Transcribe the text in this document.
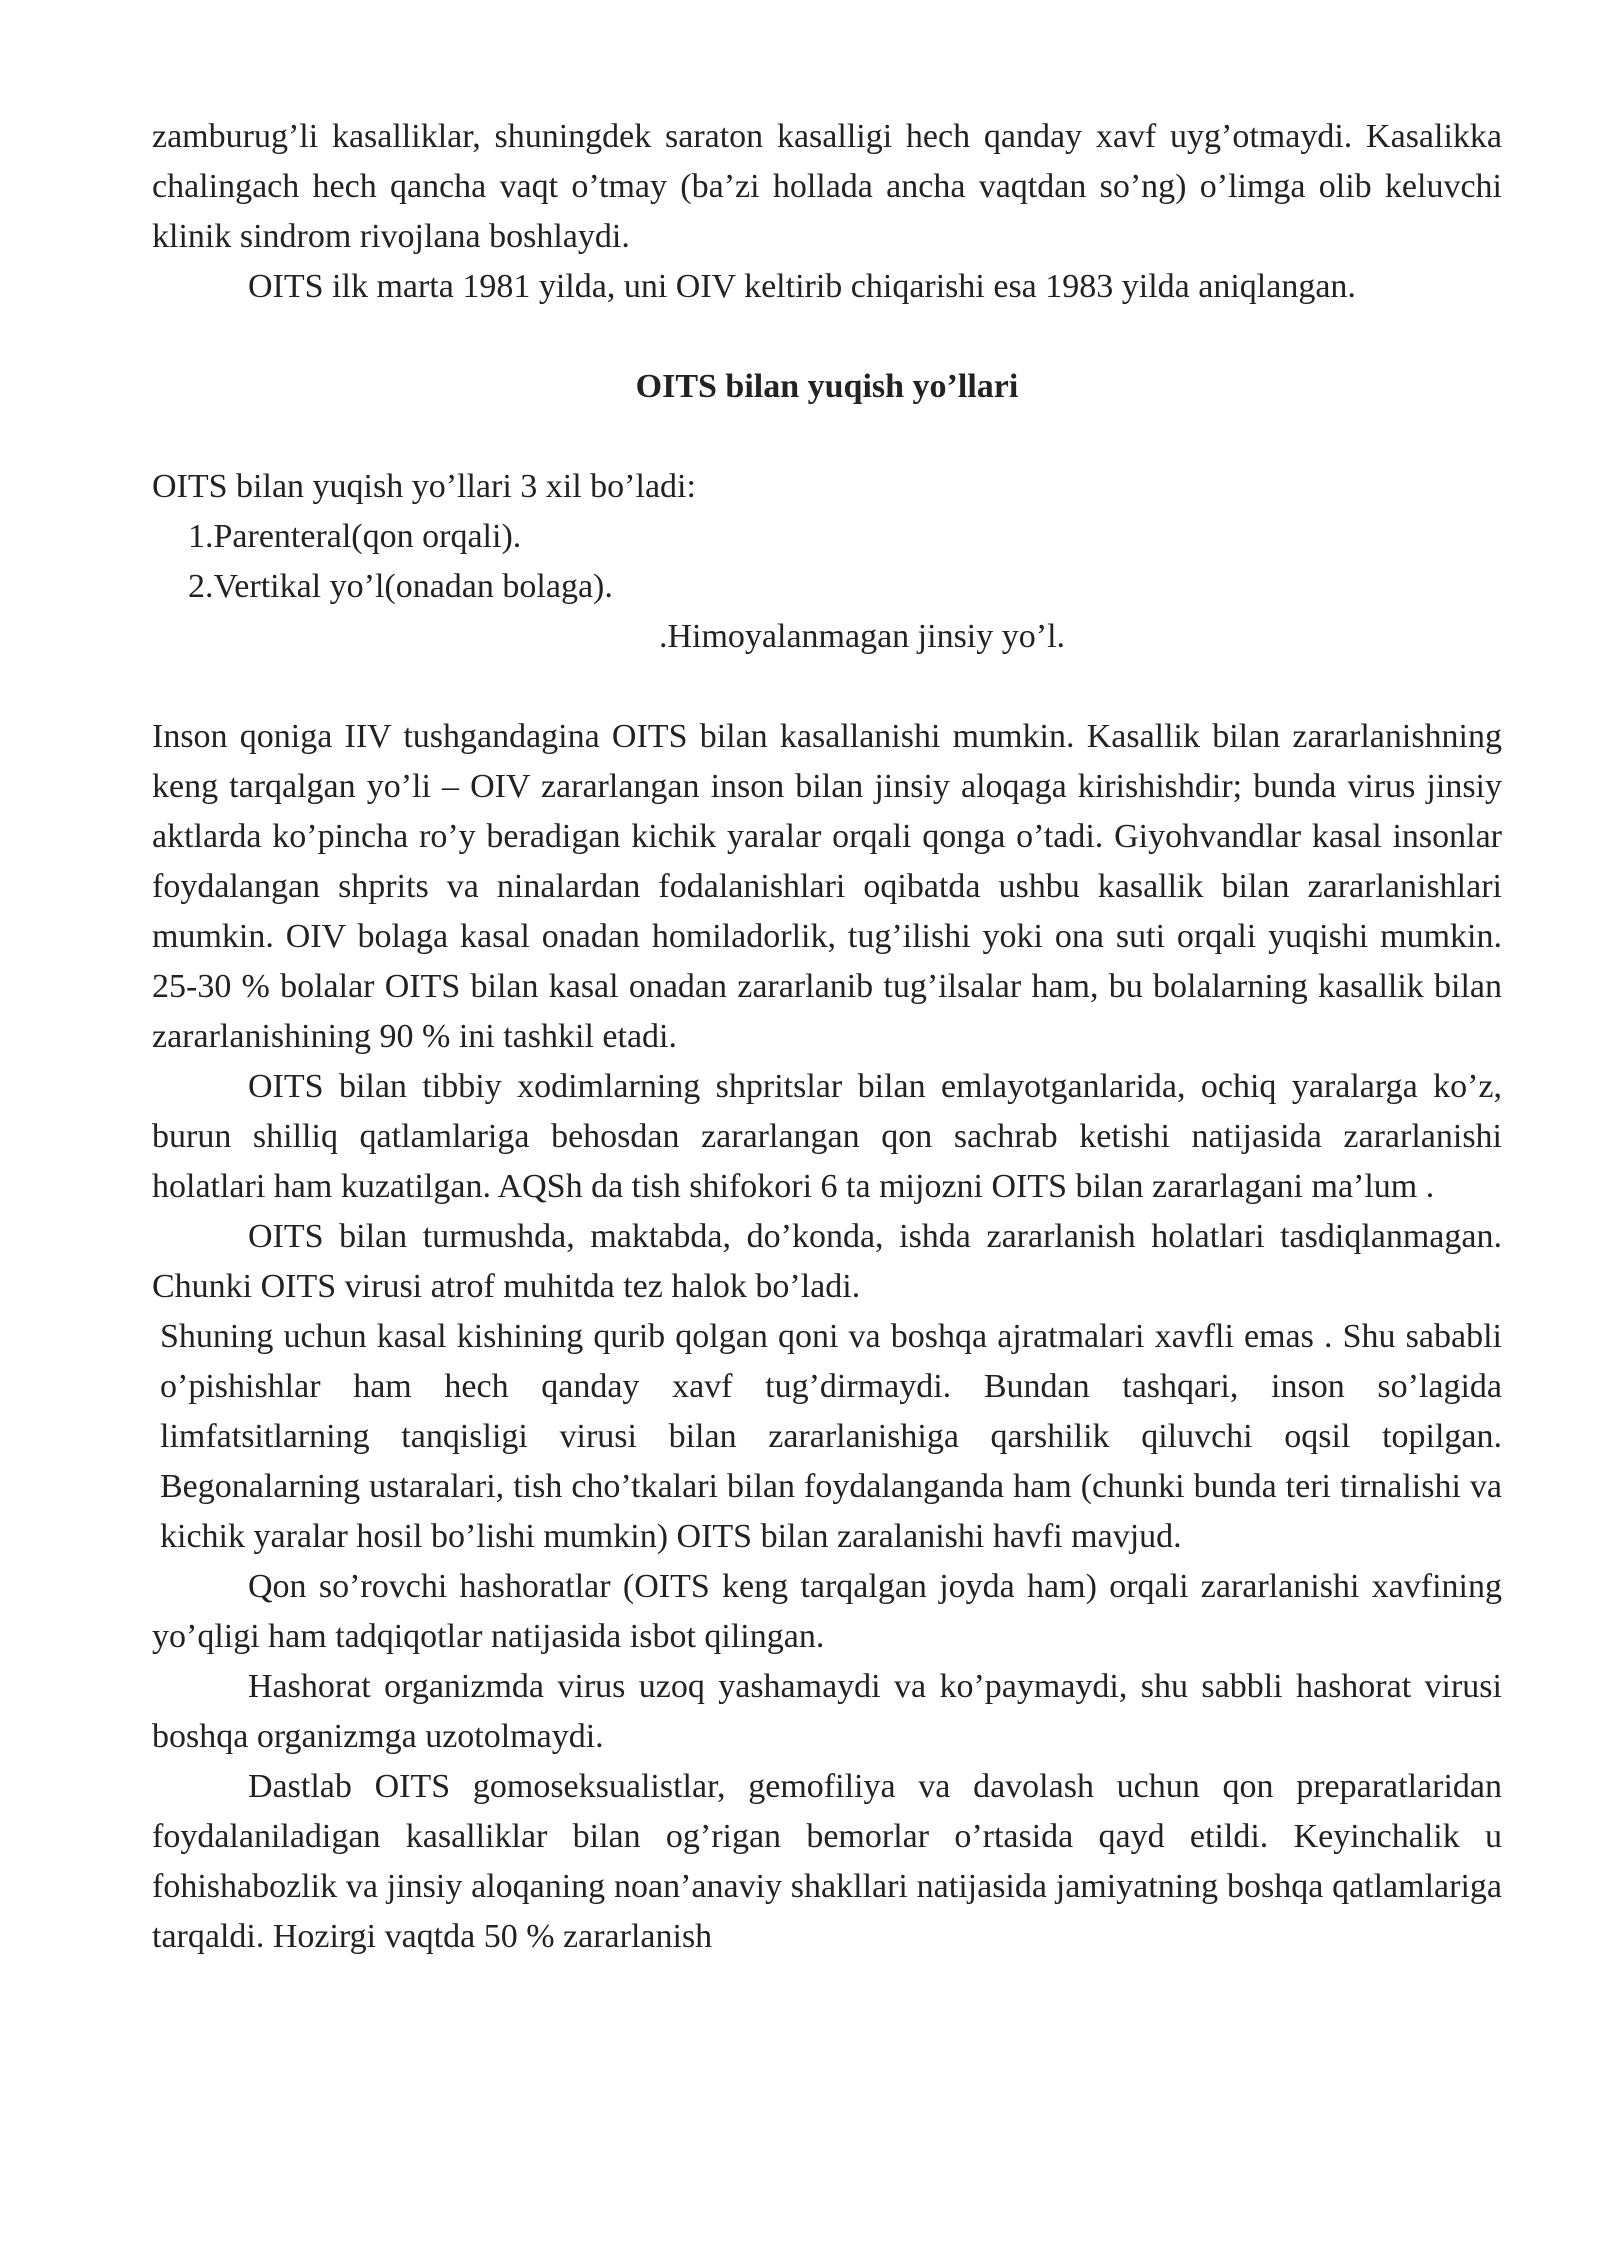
zamburug’li kasalliklar, shuningdek saraton kasalligi hech qanday xavf uyg’otmaydi. Kasalikka chalingach hech qancha vaqt o’tmay (ba’zi hollada ancha vaqtdan so’ng) o’limga olib keluvchi klinik sindrom rivojlana boshlaydi.

OITS ilk marta 1981 yilda, uni OIV keltirib chiqarishi esa 1983 yilda aniqlangan.

OITS bilan yuqish yo’llari

OITS bilan yuqish yo’llari 3 xil bo’ladi:

1.Parenteral(qon orqali).

2.Vertikal yo’l(onadan bolaga).

.Himoyalanmagan jinsiy yo’l.

Inson qoniga IIV tushgandagina OITS bilan kasallanishi mumkin. Kasallik bilan zararlanishning keng tarqalgan yo’li – OIV zararlangan inson bilan jinsiy aloqaga kirishishdir; bunda virus jinsiy aktlarda ko’pincha ro’y beradigan kichik yaralar orqali qonga o’tadi. Giyohvandlar kasal insonlar foydalangan shprits va ninalardan fodalanishlari oqibatda ushbu kasallik bilan zararlanishlari mumkin. OIV bolaga kasal onadan homiladorlik, tug’ilishi yoki ona suti orqali yuqishi mumkin. 25-30 % bolalar OITS bilan kasal onadan zararlanib tug’ilsalar ham, bu bolalarning kasallik bilan zararlanishining 90 % ini tashkil etadi.

OITS bilan tibbiy xodimlarning shpritslar bilan emlayotganlarida, ochiq yaralarga ko’z, burun shilliq qatlamlariga behosdan zararlangan qon sachrab ketishi natijasida zararlanishi holatlari ham kuzatilgan. AQSh da tish shifokori 6 ta mijozni OITS bilan zararlagani ma’lum .

OITS bilan turmushda, maktabda, do’konda, ishda zararlanish holatlari tasdiqlanmagan. Chunki OITS virusi atrof muhitda tez halok bo’ladi.

Shuning uchun kasal kishining qurib qolgan qoni va boshqa ajratmalari xavfli emas . Shu sababli o’pishishlar ham hech qanday xavf tug’dirmaydi. Bundan tashqari, inson so’lagida limfatsitlarning tanqisligi virusi bilan zararlanishiga qarshilik qiluvchi oqsil topilgan. Begonalarning ustaralari, tish cho’tkalari bilan foydalanganda ham (chunki bunda teri tirnalishi va kichik yaralar hosil bo’lishi mumkin) OITS bilan zaralanishi havfi mavjud.

Qon so’rovchi hashoratlar (OITS keng tarqalgan joyda ham) orqali zararlanishi xavfining yo’qligi ham tadqiqotlar natijasida isbot qilingan.

Hashorat organizmda virus uzoq yashamaydi va ko’paymaydi, shu sabbli hashorat virusi boshqa organizmga uzotolmaydi.

Dastlab OITS gomoseksualistlar, gemofiliya va davolash uchun qon preparatlaridan foydalaniladigan kasalliklar bilan og’rigan bemorlar o’rtasida qayd etildi. Keyinchalik u fohishabozlik va jinsiy aloqaning noan’anaviy shakllari natijasida jamiyatning boshqa qatlamlariga tarqaldi. Hozirgi vaqtda 50 % zararlanish
